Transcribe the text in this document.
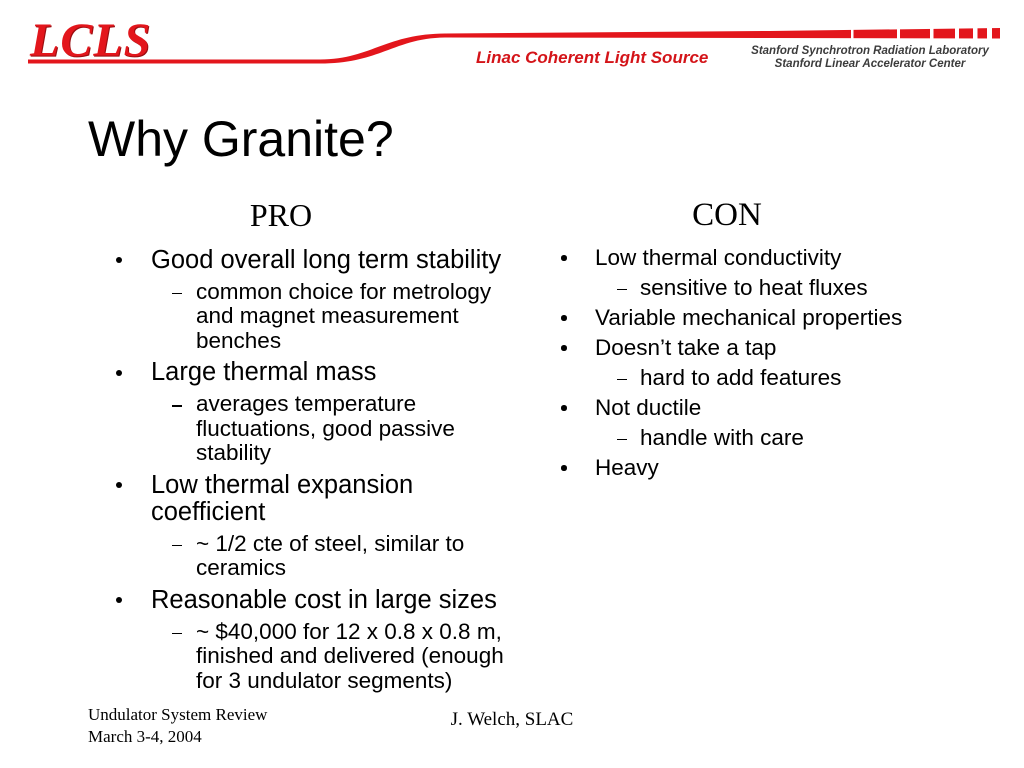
LCLS	Linac Coherent Light Source	Stanford Synchrotron Radiation Laboratory
Stanford Linear Accelerator Center
Why Granite?
PRO	CON
Good overall long term stability
common choice for metrology and magnet measurement benches
Large thermal mass
averages temperature fluctuations, good passive stability
Low thermal expansion coefficient
~ 1/2 cte of steel, similar to ceramics
Reasonable cost in large sizes
~ $40,000 for 12 x 0.8 x 0.8 m, finished and delivered (enough for 3 undulator segments)
Low thermal conductivity
sensitive to heat fluxes
Variable mechanical properties
Doesn’t take a tap
hard to add features
Not ductile
handle with care
Heavy
Undulator System Review
March 3-4, 2004
J. Welch, SLAC
